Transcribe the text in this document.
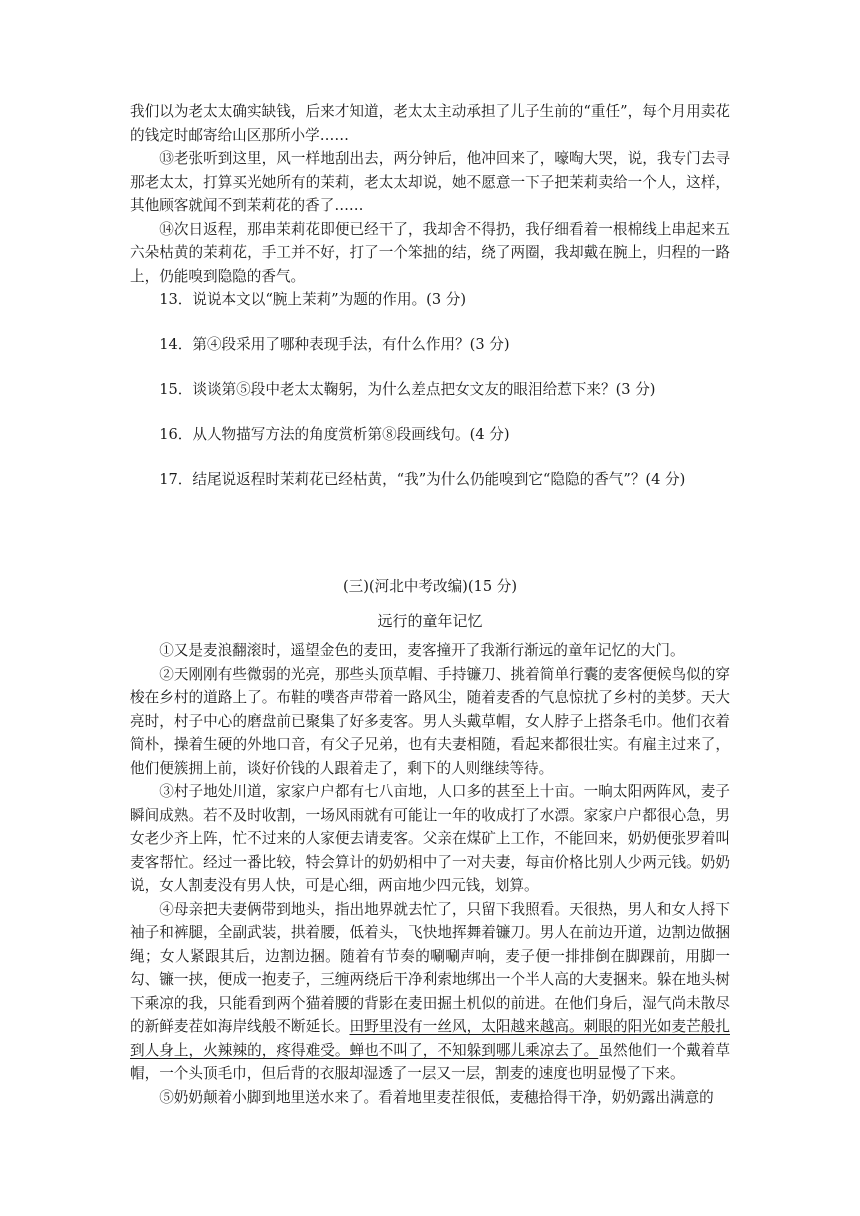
我们以为老太太确实缺钱，后来才知道，老太太主动承担了儿子生前的“重任”，每个月用卖花的钱定时邮寄给山区那所小学……

⑬老张听到这里，风一样地刮出去，两分钟后，他冲回来了，嚎啕大哭，说，我专门去寻那老太太，打算买光她所有的茉莉，老太太却说，她不愿意一下子把茉莉卖给一个人，这样，其他顾客就闻不到茉莉花的香了……

⑭次日返程，那串茉莉花即便已经干了，我却舍不得扔，我仔细看着一根棉线上串起来五六朵枯黄的茉莉花，手工并不好，打了一个笨拙的结，绕了两圈，我却戴在腕上，归程的一路上，仍能嗅到隐隐的香气。

13．说说本文以“腕上茉莉”为题的作用。(3 分)

14．第④段采用了哪种表现手法，有什么作用？(3 分)

15．谈谈第⑤段中老太太鞠躬，为什么差点把女文友的眼泪给惹下来？(3 分)

16．从人物描写方法的角度赏析第⑧段画线句。(4 分)

17．结尾说返程时茉莉花已经枯黄，“我”为什么仍能嗅到它“隐隐的香气”？(4 分)

(三)(河北中考改编)(15 分)

远行的童年记忆

①又是麦浪翻滚时，遥望金色的麦田，麦客撞开了我渐行渐远的童年记忆的大门。

②天刚刚有些微弱的光亮，那些头顶草帽、手持镰刀、挑着简单行囊的麦客便候鸟似的穿梭在乡村的道路上了。布鞋的噗沓声带着一路风尘，随着麦香的气息惊扰了乡村的美梦。天大亮时，村子中心的磨盘前已聚集了好多麦客。男人头戴草帽，女人脖子上搭条毛巾。他们衣着简朴，操着生硬的外地口音，有父子兄弟，也有夫妻相随，看起来都很壮实。有雇主过来了，他们便簇拥上前，谈好价钱的人跟着走了，剩下的人则继续等待。

③村子地处川道，家家户户都有七八亩地，人口多的甚至上十亩。一晌太阳两阵风，麦子瞬间成熟。若不及时收割，一场风雨就有可能让一年的收成打了水漂。家家户户都很心急，男女老少齐上阵，忙不过来的人家便去请麦客。父亲在煤矿上工作，不能回来，奶奶便张罗着叫麦客帮忙。经过一番比较，特会算计的奶奶相中了一对夫妻，每亩价格比别人少两元钱。奶奶说，女人割麦没有男人快，可是心细，两亩地少四元钱，划算。

④母亲把夫妻俩带到地头，指出地界就去忙了，只留下我照看。天很热，男人和女人捋下袖子和裤腿，全副武装，拱着腰，低着头，飞快地挥舞着镰刀。男人在前边开道，边割边做捆绳；女人紧跟其后，边割边捆。随着有节奏的唰唰声响，麦子便一排排倒在脚踝前，用脚一勾、镰一挟，便成一抱麦子，三缠两绕后干净利索地绑出一个半人高的大麦捆来。躲在地头树下乘凉的我，只能看到两个猫着腰的背影在麦田掘土机似的前进。在他们身后，湿气尚未散尽的新鲜麦茬如海岸线般不断延长。田野里没有一丝风，太阳越来越高。刺眼的阳光如麦芒般扎到人身上，火辣辣的，疼得难受。蝉也不叫了，不知躲到哪儿乘凉去了。虽然他们一个戴着草帽，一个头顶毛巾，但后背的衣服却湿透了一层又一层，割麦的速度也明显慢了下来。

⑤奶奶颠着小脚到地里送水来了。看着地里麦茬很低，麦穗拾得干净，奶奶露出满意的
